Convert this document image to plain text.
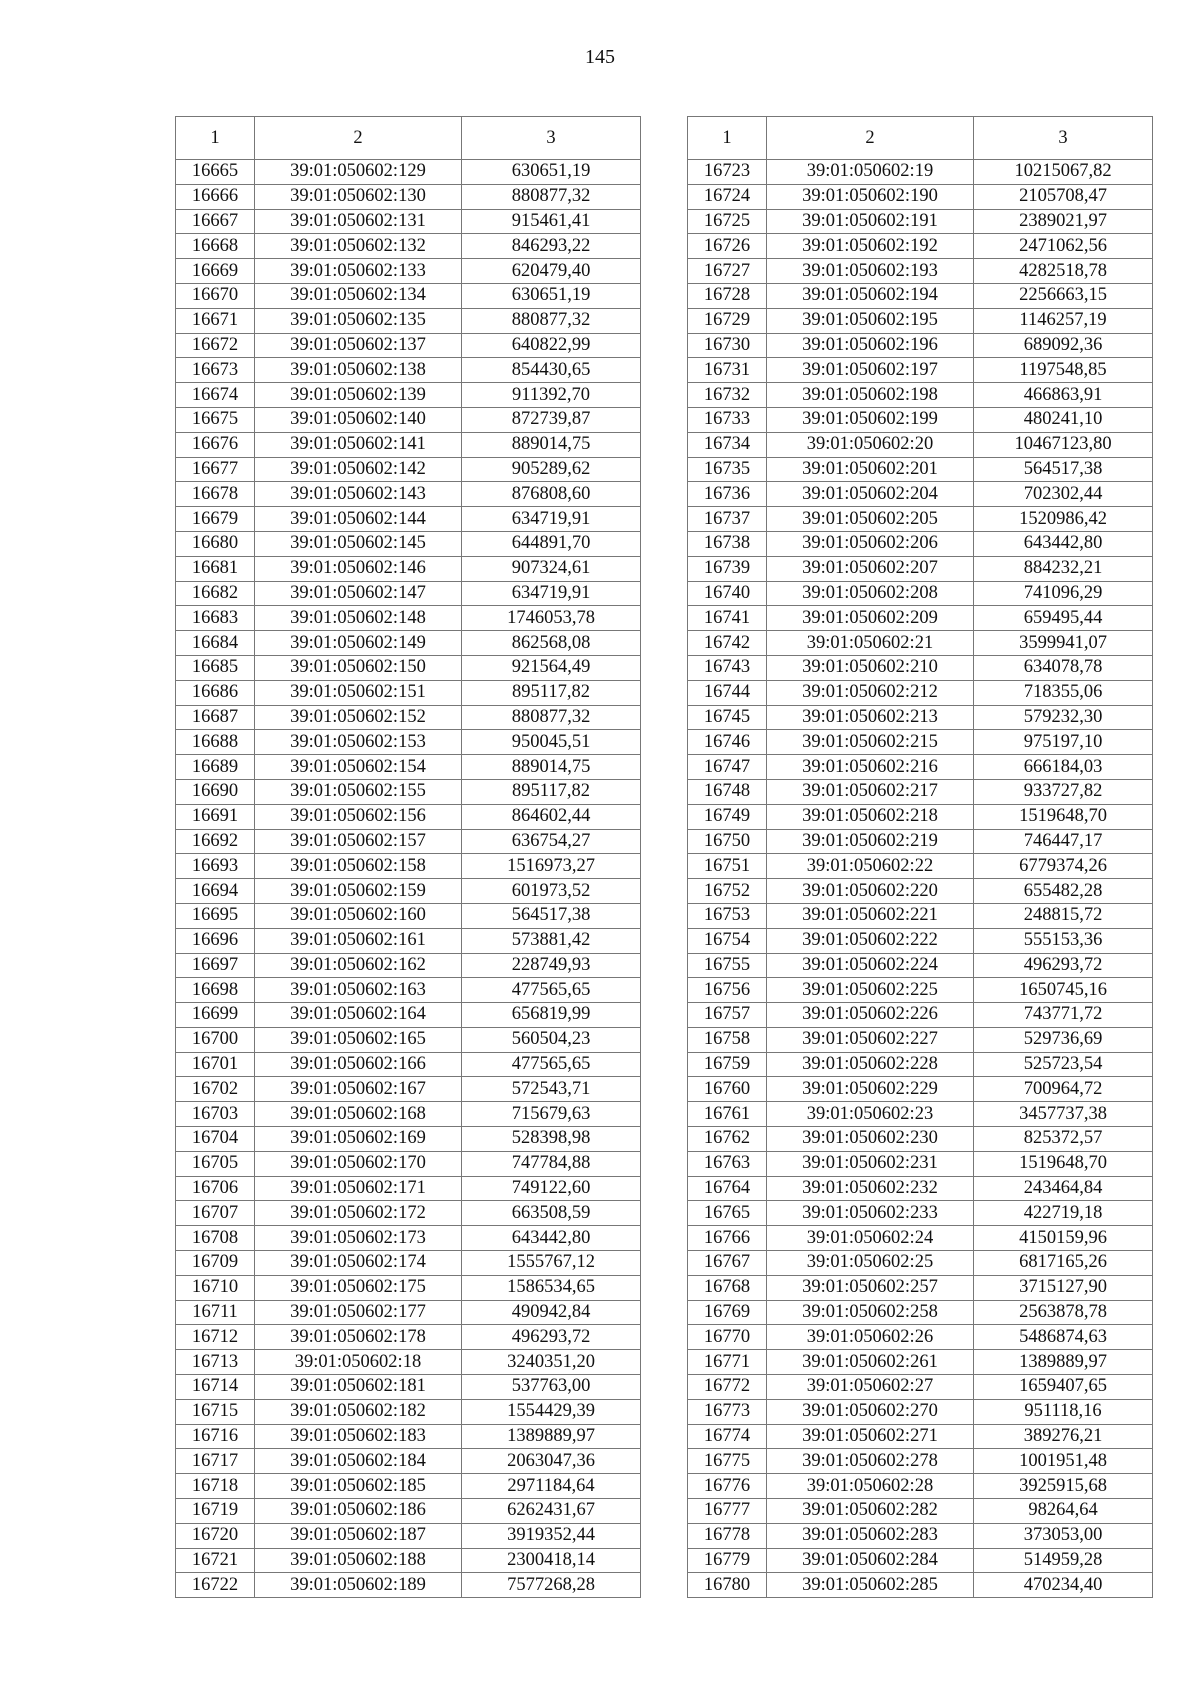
145
1	2	3
16665	39:01:050602:129	630651,19
16666	39:01:050602:130	880877,32
16667	39:01:050602:131	915461,41
16668	39:01:050602:132	846293,22
16669	39:01:050602:133	620479,40
16670	39:01:050602:134	630651,19
16671	39:01:050602:135	880877,32
16672	39:01:050602:137	640822,99
16673	39:01:050602:138	854430,65
16674	39:01:050602:139	911392,70
16675	39:01:050602:140	872739,87
16676	39:01:050602:141	889014,75
16677	39:01:050602:142	905289,62
16678	39:01:050602:143	876808,60
16679	39:01:050602:144	634719,91
16680	39:01:050602:145	644891,70
16681	39:01:050602:146	907324,61
16682	39:01:050602:147	634719,91
16683	39:01:050602:148	1746053,78
16684	39:01:050602:149	862568,08
16685	39:01:050602:150	921564,49
16686	39:01:050602:151	895117,82
16687	39:01:050602:152	880877,32
16688	39:01:050602:153	950045,51
16689	39:01:050602:154	889014,75
16690	39:01:050602:155	895117,82
16691	39:01:050602:156	864602,44
16692	39:01:050602:157	636754,27
16693	39:01:050602:158	1516973,27
16694	39:01:050602:159	601973,52
16695	39:01:050602:160	564517,38
16696	39:01:050602:161	573881,42
16697	39:01:050602:162	228749,93
16698	39:01:050602:163	477565,65
16699	39:01:050602:164	656819,99
16700	39:01:050602:165	560504,23
16701	39:01:050602:166	477565,65
16702	39:01:050602:167	572543,71
16703	39:01:050602:168	715679,63
16704	39:01:050602:169	528398,98
16705	39:01:050602:170	747784,88
16706	39:01:050602:171	749122,60
16707	39:01:050602:172	663508,59
16708	39:01:050602:173	643442,80
16709	39:01:050602:174	1555767,12
16710	39:01:050602:175	1586534,65
16711	39:01:050602:177	490942,84
16712	39:01:050602:178	496293,72
16713	39:01:050602:18	3240351,20
16714	39:01:050602:181	537763,00
16715	39:01:050602:182	1554429,39
16716	39:01:050602:183	1389889,97
16717	39:01:050602:184	2063047,36
16718	39:01:050602:185	2971184,64
16719	39:01:050602:186	6262431,67
16720	39:01:050602:187	3919352,44
16721	39:01:050602:188	2300418,14
16722	39:01:050602:189	7577268,28
1	2	3
16723	39:01:050602:19	10215067,82
16724	39:01:050602:190	2105708,47
16725	39:01:050602:191	2389021,97
16726	39:01:050602:192	2471062,56
16727	39:01:050602:193	4282518,78
16728	39:01:050602:194	2256663,15
16729	39:01:050602:195	1146257,19
16730	39:01:050602:196	689092,36
16731	39:01:050602:197	1197548,85
16732	39:01:050602:198	466863,91
16733	39:01:050602:199	480241,10
16734	39:01:050602:20	10467123,80
16735	39:01:050602:201	564517,38
16736	39:01:050602:204	702302,44
16737	39:01:050602:205	1520986,42
16738	39:01:050602:206	643442,80
16739	39:01:050602:207	884232,21
16740	39:01:050602:208	741096,29
16741	39:01:050602:209	659495,44
16742	39:01:050602:21	3599941,07
16743	39:01:050602:210	634078,78
16744	39:01:050602:212	718355,06
16745	39:01:050602:213	579232,30
16746	39:01:050602:215	975197,10
16747	39:01:050602:216	666184,03
16748	39:01:050602:217	933727,82
16749	39:01:050602:218	1519648,70
16750	39:01:050602:219	746447,17
16751	39:01:050602:22	6779374,26
16752	39:01:050602:220	655482,28
16753	39:01:050602:221	248815,72
16754	39:01:050602:222	555153,36
16755	39:01:050602:224	496293,72
16756	39:01:050602:225	1650745,16
16757	39:01:050602:226	743771,72
16758	39:01:050602:227	529736,69
16759	39:01:050602:228	525723,54
16760	39:01:050602:229	700964,72
16761	39:01:050602:23	3457737,38
16762	39:01:050602:230	825372,57
16763	39:01:050602:231	1519648,70
16764	39:01:050602:232	243464,84
16765	39:01:050602:233	422719,18
16766	39:01:050602:24	4150159,96
16767	39:01:050602:25	6817165,26
16768	39:01:050602:257	3715127,90
16769	39:01:050602:258	2563878,78
16770	39:01:050602:26	5486874,63
16771	39:01:050602:261	1389889,97
16772	39:01:050602:27	1659407,65
16773	39:01:050602:270	951118,16
16774	39:01:050602:271	389276,21
16775	39:01:050602:278	1001951,48
16776	39:01:050602:28	3925915,68
16777	39:01:050602:282	98264,64
16778	39:01:050602:283	373053,00
16779	39:01:050602:284	514959,28
16780	39:01:050602:285	470234,40
